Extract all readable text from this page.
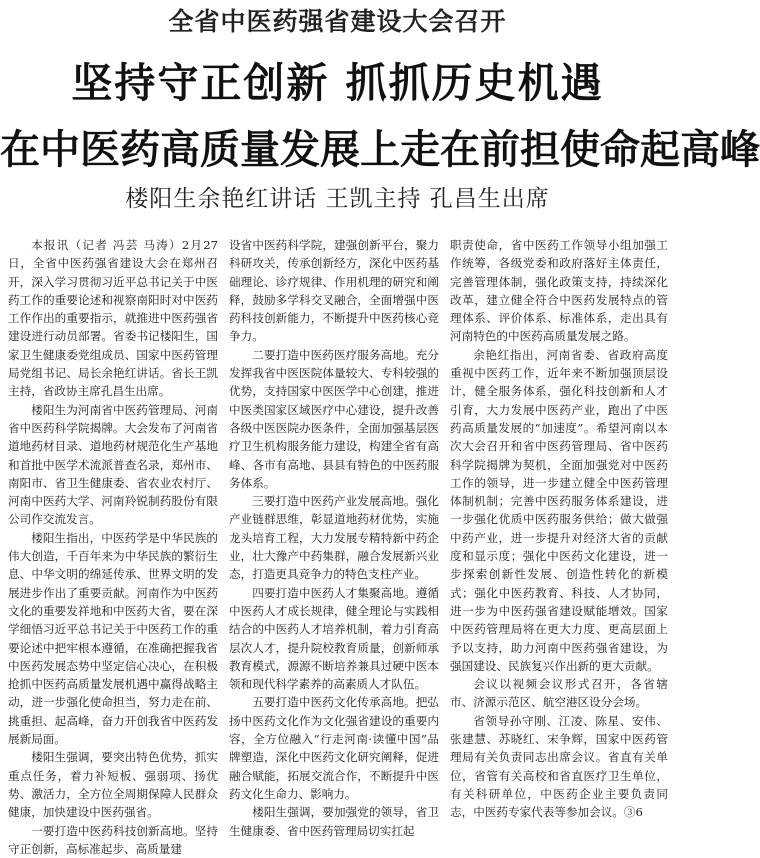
全省中医药强省建设大会召开
坚持守正创新 抓抓历史机遇
在中医药高质量发展上走在前担使命起高峰
楼阳生余艳红讲话 王凯主持 孔昌生出席

本报讯（记者 冯芸 马涛）2月27日，全省中医药强省建设大会在郑州召开，深入学习贯彻习近平总书记关于中医药工作的重要论述和视察南阳时对中医药工作作出的重要指示，就推进中医药强省建设进行动员部署。省委书记楼阳生，国家卫生健康委党组成员、国家中医药管理局党组书记、局长余艳红讲话。省长王凯主持，省政协主席孔昌生出席。

楼阳生为河南省中医药管理局、河南省中医药科学院揭牌。大会发布了河南省道地药材目录、道地药材规范化生产基地和首批中医学术流派普查名录，郑州市、南阳市、省卫生健康委、省农业农村厅、河南中医药大学、河南羚锐制药股份有限公司作交流发言。

楼阳生指出，中医药学是中华民族的伟大创造，千百年来为中华民族的繁衍生息、中华文明的绵延传承、世界文明的发展进步作出了重要贡献。河南作为中医药文化的重要发祥地和中医药大省，要在深学细悟习近平总书记关于中医药工作的重要论述中把牢根本遵循，在准确把握我省中医药发展态势中坚定信心决心，在积极抢抓中医药高质量发展机遇中赢得战略主动，进一步强化使命担当，努力走在前、挑重担、起高峰，奋力开创我省中医药发展新局面。

楼阳生强调，要突出特色优势，抓实重点任务，着力补短板、强弱项、扬优势、激活力，全方位全周期保障人民群众健康，加快建设中医药强省。

一要打造中医药科技创新高地。坚持守正创新，高标准起步、高质量建

设省中医药科学院，建强创新平台，聚力科研攻关，传承创新经方，深化中医药基础理论、诊疗规律、作用机理的研究和阐释，鼓励多学科交叉融合，全面增强中医药科技创新能力，不断提升中医药核心竞争力。

二要打造中医药医疗服务高地。充分发挥我省中医医院体量较大、专科较强的优势，支持国家中医医学中心创建，推进中医类国家区域医疗中心建设，提升改善各级中医医院办医条件，全面加强基层医疗卫生机构服务能力建设，构建全省有高峰、各市有高地、县县有特色的中医药服务体系。

三要打造中医药产业发展高地。强化产业链群思维，彰显道地药材优势，实施龙头培育工程，大力发展专精特新中药企业，壮大豫产中药集群，融合发展新兴业态，打造更具竞争力的特色支柱产业。

四要打造中医药人才集聚高地。遵循中医药人才成长规律，健全理论与实践相结合的中医药人才培养机制，着力引育高层次人才，提升院校教育质量，创新师承教育模式，源源不断培养兼具过硬中医本领和现代科学素养的高素质人才队伍。

五要打造中医药文化传承高地。把弘扬中医药文化作为文化强省建设的重要内容，全方位融入“行走河南·读懂中国”品牌塑造，深化中医药文化研究阐释，促进融合赋能，拓展交流合作，不断提升中医药文化生命力、影响力。

楼阳生强调，要加强党的领导，省卫生健康委、省中医药管理局切实扛起

职责使命，省中医药工作领导小组加强工作统筹，各级党委和政府落好主体责任，完善管理体制，强化政策支持，持续深化改革，建立健全符合中医药发展特点的管理体系、评价体系、标准体系，走出具有河南特色的中医药高质量发展之路。

余艳红指出，河南省委、省政府高度重视中医药工作，近年来不断加强顶层设计，健全服务体系，强化科技创新和人才引育，大力发展中医药产业，跑出了中医药高质量发展的“加速度”。希望河南以本次大会召开和省中医药管理局、省中医药科学院揭牌为契机，全面加强党对中医药工作的领导，进一步建立健全中医药管理体制机制；完善中医药服务体系建设，进一步强化优质中医药服务供给；做大做强中药产业，进一步提升对经济大省的贡献度和显示度；强化中医药文化建设，进一步探索创新性发展、创造性转化的新模式；强化中医药教育、科技、人才协同，进一步为中医药强省建设赋能增效。国家中医药管理局将在更大力度、更高层面上予以支持，助力河南中医药强省建设，为强国建设、民族复兴作出新的更大贡献。

会议以视频会议形式召开，各省辖市、济源示范区、航空港区设分会场。

省领导孙守刚、江凌、陈星、安伟、张建慧、苏晓红、宋争辉，国家中医药管理局有关负责同志出席会议。省直有关单位，省管有关高校和省直医疗卫生单位，有关科研单位，中医药企业主要负责同志，中医药专家代表等参加会议。③6
